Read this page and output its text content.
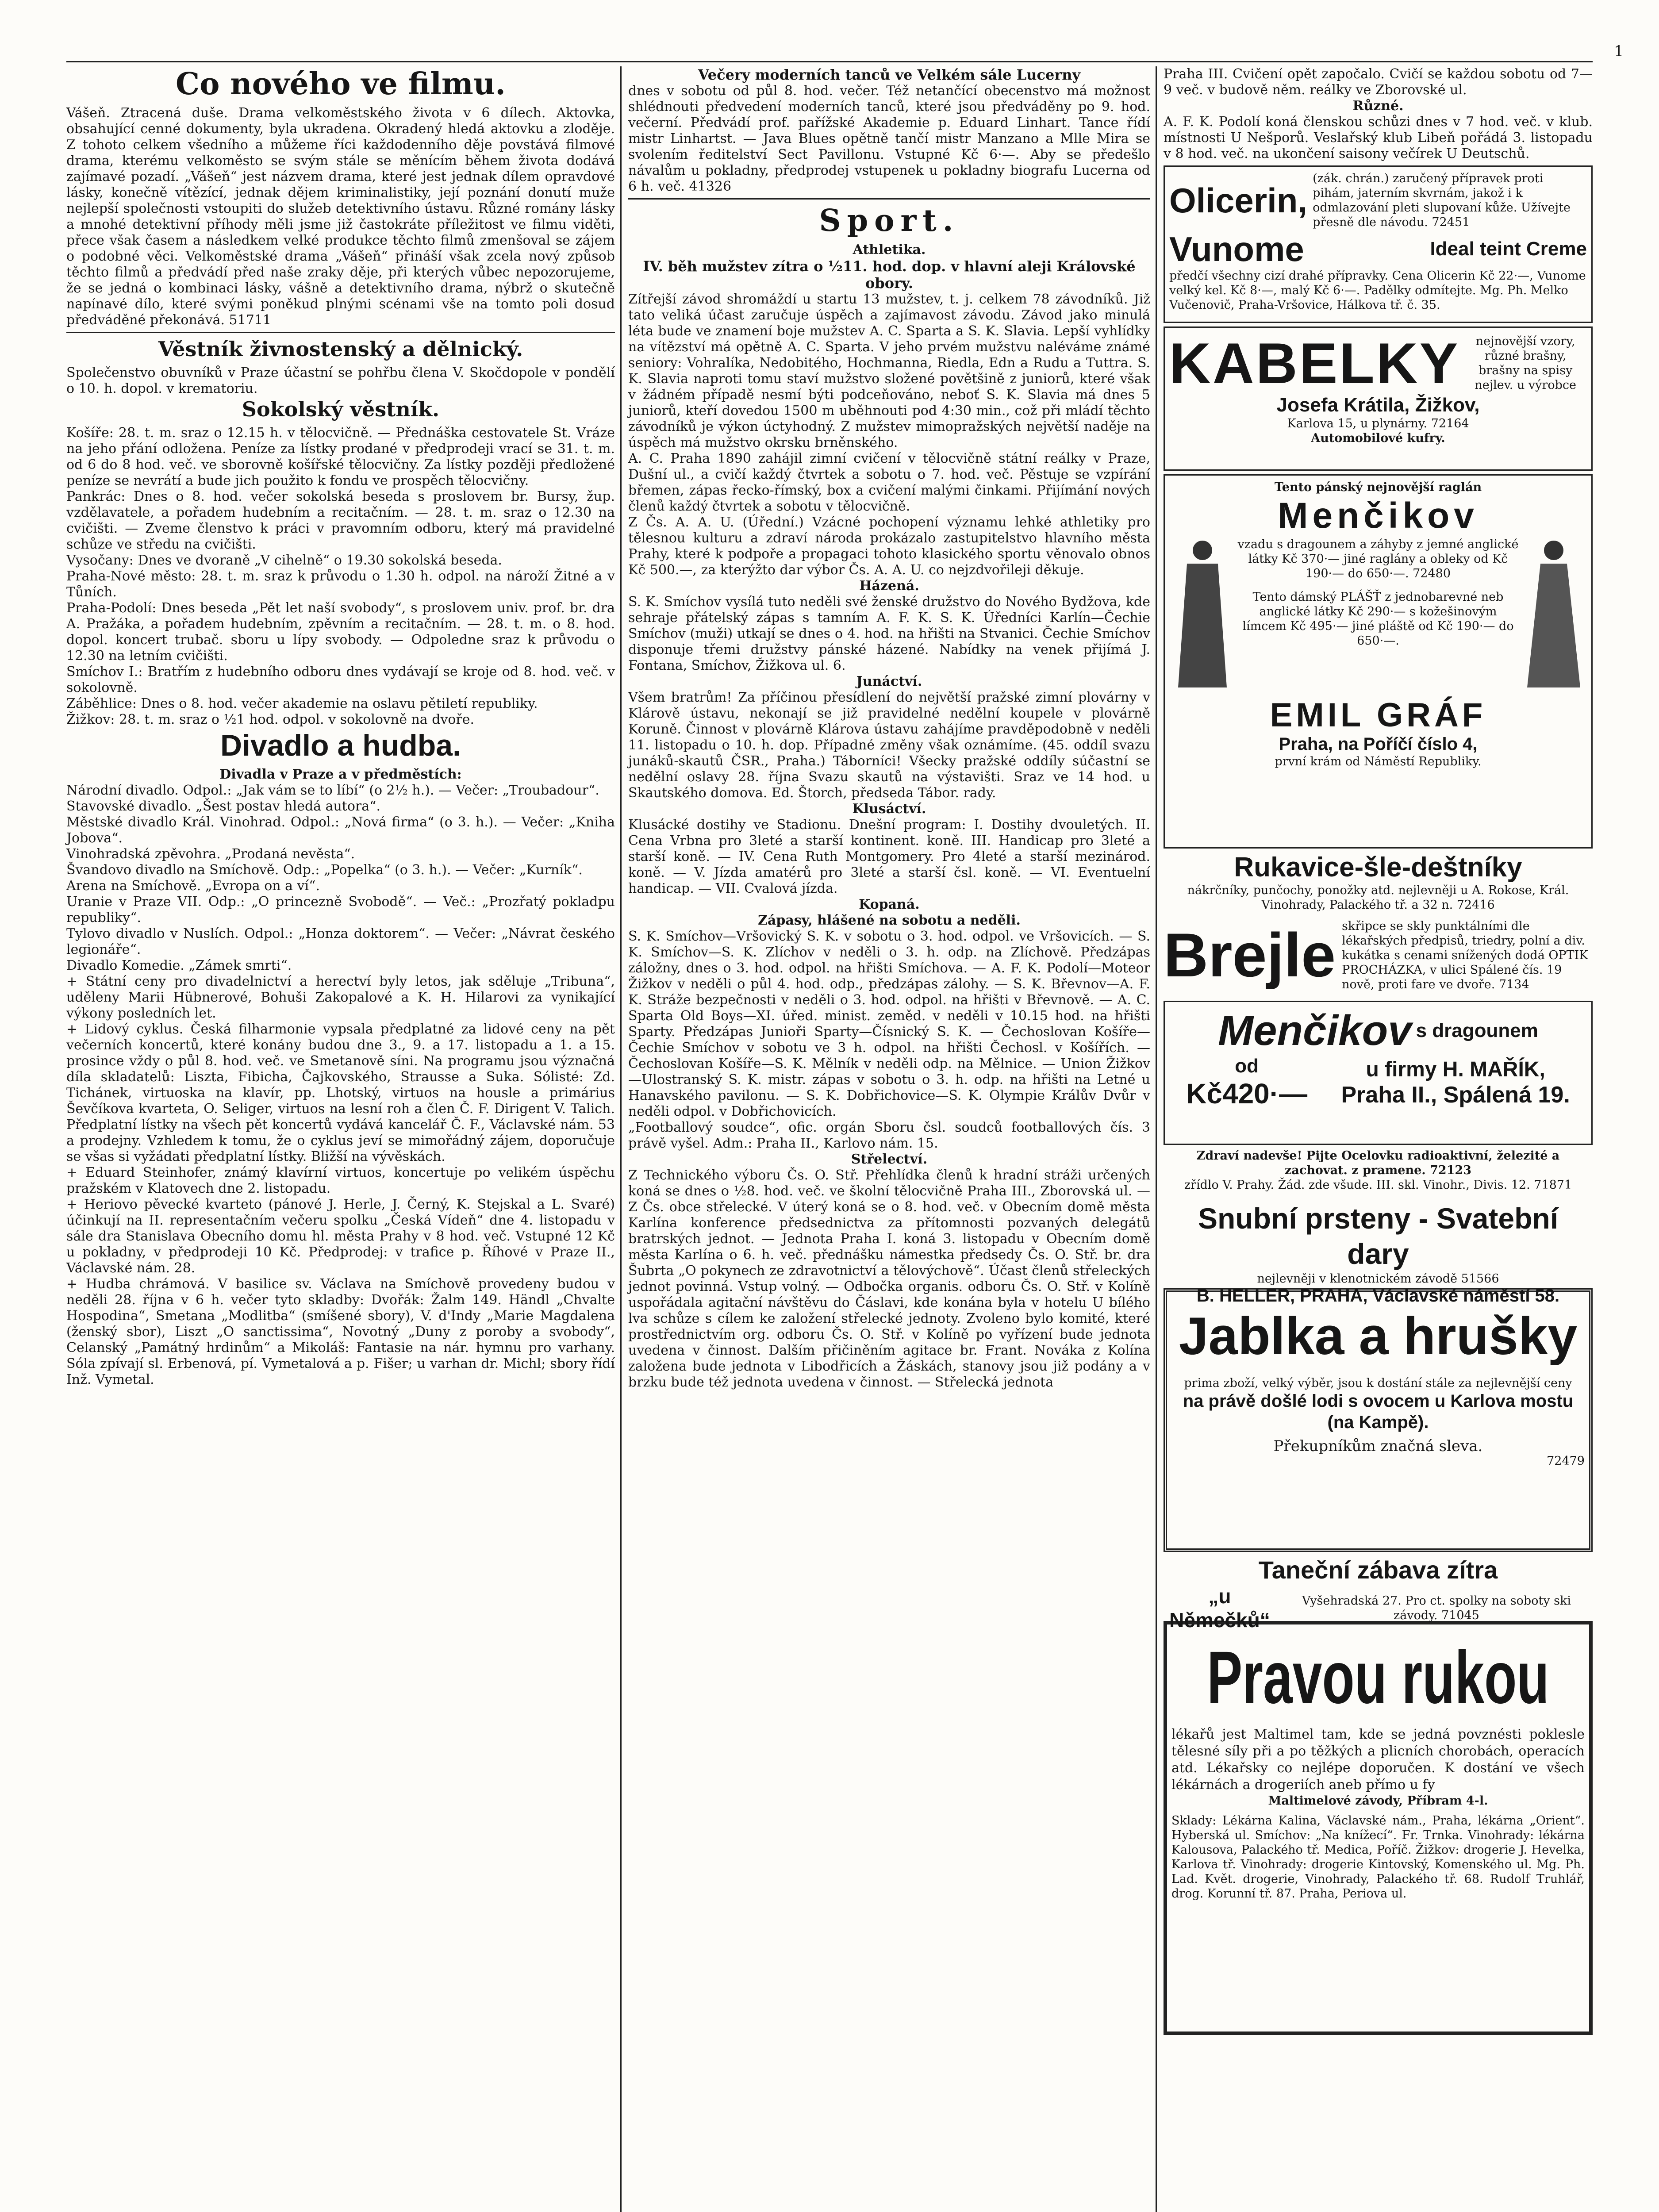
1
Co nového ve filmu.

Vášeň. Ztracená duše. Drama velkoměstského života v 6 dílech. Aktovka, obsahující cenné dokumenty, byla ukradena. Okradený hledá aktovku a zloděje. Z tohoto celkem všedního a můžeme říci každodenního děje povstává filmové drama, kterému velkoměsto se svým stále se měnícím během života dodává zajímavé pozadí. „Vášeň“ jest názvem drama, které jest jednak dílem opravdové lásky, konečně vítězící, jednak dějem kriminalistiky, její poznání donutí muže nejlepší společnosti vstoupiti do služeb detektivního ústavu. Různé romány lásky a mnohé detektivní příhody měli jsme již častokráte příležitost ve filmu viděti, přece však časem a následkem velké produkce těchto filmů zmenšoval se zájem o podobné věci. Velkoměstské drama „Vášeň“ přináší však zcela nový způsob těchto filmů a předvádí před naše zraky děje, při kterých vůbec nepozorujeme, že se jedná o kombinaci lásky, vášně a detektivního drama, nýbrž o skutečně napínavé dílo, které svými poněkud plnými scénami vše na tomto poli dosud předváděné překonává. 51711

Věstník živnostenský a dělnický.

Společenstvo obuvníků v Praze účastní se pohřbu člena V. Skočdopole v pondělí o 10. h. dopol. v krematoriu.

Sokolský věstník.

Košíře: 28. t. m. sraz o 12.15 h. v tělocvičně. — Přednáška cestovatele St. Vráze na jeho přání odložena. Peníze za lístky prodané v předprodeji vrací se 31. t. m. od 6 do 8 hod. več. ve sborovně košířské tělocvičny. Za lístky později předložené peníze se nevrátí a bude jich použito k fondu ve prospěch tělocvičny.

Pankrác: Dnes o 8. hod. večer sokolská beseda s proslovem br. Bursy, žup. vzdělavatele, a pořadem hudebním a recitačním. — 28. t. m. sraz o 12.30 na cvičišti. — Zveme členstvo k práci v pravomním odboru, který má pravidelné schůze ve středu na cvičišti.

Vysočany: Dnes ve dvoraně „V cihelně“ o 19.30 sokolská beseda.

Praha-Nové město: 28. t. m. sraz k průvodu o 1.30 h. odpol. na nároží Žitné a v Tůních.

Praha-Podolí: Dnes beseda „Pět let naší svobody“, s proslovem univ. prof. br. dra A. Pražáka, a pořadem hudebním, zpěvním a recitačním. — 28. t. m. o 8. hod. dopol. koncert trubač. sboru u lípy svobody. — Odpoledne sraz k průvodu o 12.30 na letním cvičišti.

Smíchov I.: Bratřím z hudebního odboru dnes vydávají se kroje od 8. hod. več. v sokolovně.

Záběhlice: Dnes o 8. hod. večer akademie na oslavu pětiletí republiky.

Žižkov: 28. t. m. sraz o ½1 hod. odpol. v sokolovně na dvoře.

Divadlo a hudba.

Divadla v Praze a v předměstích:

Národní divadlo. Odpol.: „Jak vám se to líbí“ (o 2½ h.). — Večer: „Troubadour“.

Stavovské divadlo. „Šest postav hledá autora“.

Městské divadlo Král. Vinohrad. Odpol.: „Nová firma“ (o 3. h.). — Večer: „Kniha Jobova“.

Vinohradská zpěvohra. „Prodaná nevěsta“.

Švandovo divadlo na Smíchově. Odp.: „Popelka“ (o 3. h.). — Večer: „Kurník“.

Arena na Smíchově. „Evropa on a ví“.

Uranie v Praze VII. Odp.: „O princezně Svobodě“. — Več.: „Prozřatý pokladpu republiky“.

Tylovo divadlo v Nuslích. Odpol.: „Honza doktorem“. — Večer: „Návrat českého legionáře“.

Divadlo Komedie. „Zámek smrti“.

+ Státní ceny pro divadelnictví a herectví byly letos, jak sděluje „Tribuna“, uděleny Marii Hübnerové, Bohuši Zakopalové a K. H. Hilarovi za vynikající výkony posledních let.

+ Lidový cyklus. Česká filharmonie vypsala předplatné za lidové ceny na pět večerních koncertů, které konány budou dne 3., 9. a 17. listopadu a 1. a 15. prosince vždy o půl 8. hod. več. ve Smetanově síni. Na programu jsou význačná díla skladatelů: Liszta, Fibicha, Čajkovského, Strausse a Suka. Sólisté: Zd. Tichánek, virtuoska na klavír, pp. Lhotský, virtuos na housle a primárius Ševčíkova kvarteta, O. Seliger, virtuos na lesní roh a člen Č. F. Dirigent V. Talich. Předplatní lístky na všech pět koncertů vydává kancelář Č. F., Václavské nám. 53 a prodejny. Vzhledem k tomu, že o cyklus jeví se mimořádný zájem, doporučuje se všas si vyžádati předplatní lístky. Bližší na vývěskách.

+ Eduard Steinhofer, známý klavírní virtuos, koncertuje po velikém úspěchu pražském v Klatovech dne 2. listopadu.

+ Heriovo pěvecké kvarteto (pánové J. Herle, J. Černý, K. Stejskal a L. Svaré) účinkují na II. representačním večeru spolku „Česká Vídeň“ dne 4. listopadu v sále dra Stanislava Obecního domu hl. města Prahy v 8 hod. več. Vstupné 12 Kč u pokladny, v předprodeji 10 Kč. Předprodej: v trafice p. Říhové v Praze II., Václavské nám. 28.

+ Hudba chrámová. V basilice sv. Václava na Smíchově provedeny budou v neděli 28. října v 6 h. večer tyto skladby: Dvořák: Žalm 149. Händl „Chvalte Hospodina“, Smetana „Modlitba“ (smíšené sbory), V. d'Indy „Marie Magdalena (ženský sbor), Liszt „O sanctissima“, Novotný „Duny z poroby a svobody“, Celanský „Památný hrdinům“ a Mikoláš: Fantasie na nár. hymnu pro varhany. Sóla zpívají sl. Erbenová, pí. Vymetalová a p. Fišer; u varhan dr. Michl; sbory řídí Inž. Vymetal.

Večery moderních tanců ve Velkém sále Lucerny

dnes v sobotu od půl 8. hod. večer. Též netančící obecenstvo má možnost shlédnouti předvedení moderních tanců, které jsou předváděny po 9. hod. večerní. Předvádí prof. pařížské Akademie p. Eduard Linhart. Tance řídí mistr Linhartst. — Java Blues opětně tančí mistr Manzano a Mlle Mira se svolením ředitelství Sect Pavillonu. Vstupné Kč 6·—. Aby se předešlo návalům u pokladny, předprodej vstupenek u pokladny biografu Lucerna od 6 h. več. 41326

Sport.

Athletika.

IV. běh mužstev zítra o ½11. hod. dop. v hlavní aleji Královské obory.

Zítřejší závod shromáždí u startu 13 mužstev, t. j. celkem 78 závodníků. Již tato veliká účast zaručuje úspěch a zajímavost závodu. Závod jako minulá léta bude ve znamení boje mužstev A. C. Sparta a S. K. Slavia. Lepší vyhlídky na vítězství má opětně A. C. Sparta. V jeho prvém mužstvu naléváme známé seniory: Vohralíka, Nedobitého, Hochmanna, Riedla, Edn a Rudu a Tuttra. S. K. Slavia naproti tomu staví mužstvo složené povětšině z juniorů, které však v žádném případě nesmí býti podceňováno, neboť S. K. Slavia má dnes 5 juniorů, kteří dovedou 1500 m uběhnouti pod 4:30 min., což při mládí těchto závodníků je výkon úctyhodný. Z mužstev mimopražských největší naděje na úspěch má mužstvo okrsku brněnského.

A. C. Praha 1890 zahájil zimní cvičení v tělocvičně státní reálky v Praze, Dušní ul., a cvičí každý čtvrtek a sobotu o 7. hod. več. Pěstuje se vzpírání břemen, zápas řecko-římský, box a cvičení malými činkami. Přijímání nových členů každý čtvrtek a sobotu v tělocvičně.

Z Čs. A. A. U. (Úřední.) Vzácné pochopení významu lehké athletiky pro tělesnou kulturu a zdraví národa prokázalo zastupitelstvo hlavního města Prahy, které k podpoře a propagaci tohoto klasického sportu věnovalo obnos Kč 500.—, za kterýžto dar výbor Čs. A. A. U. co nejzdvořileji děkuje.

Házená.

S. K. Smíchov vysílá tuto neděli své ženské družstvo do Nového Bydžova, kde sehraje přátelský zápas s tamním A. F. K. S. K. Úředníci Karlín—Čechie Smíchov (muži) utkají se dnes o 4. hod. na hřišti na Stvanici. Čechie Smíchov disponuje třemi družstvy pánské házené. Nabídky na venek přijímá J. Fontana, Smíchov, Žižkova ul. 6.

Junáctví.

Všem bratrům! Za příčinou přesídlení do největší pražské zimní plovárny v Klárově ústavu, nekonají se již pravidelné nedělní koupele v plovárně Koruně. Činnost v plovárně Klárova ústavu zahájíme pravděpodobně v neděli 11. listopadu o 10. h. dop. Případné změny však oznámíme. (45. oddíl svazu junáků-skautů ČSR., Praha.) Táborníci! Všecky pražské oddíly súčastní se nedělní oslavy 28. října Svazu skautů na výstavišti. Sraz ve 14 hod. u Skautského domova. Ed. Štorch, předseda Tábor. rady.

Klusáctví.

Klusácké dostihy ve Stadionu. Dnešní program: I. Dostihy dvouletých. II. Cena Vrbna pro 3leté a starší kontinent. koně. III. Handicap pro 3leté a starší koně. — IV. Cena Ruth Montgomery. Pro 4leté a starší mezinárod. koně. — V. Jízda amatérů pro 3leté a starší čsl. koně. — VI. Eventuelní handicap. — VII. Cvalová jízda.

Kopaná.

Zápasy, hlášené na sobotu a neděli.

S. K. Smíchov—Vršovický S. K. v sobotu o 3. hod. odpol. ve Vršovicích. — S. K. Smíchov—S. K. Zlíchov v neděli o 3. h. odp. na Zlíchově. Předzápas záložny, dnes o 3. hod. odpol. na hřišti Smíchova. — A. F. K. Podolí—Moteor Žižkov v neděli o půl 4. hod. odp., předzápas zálohy. — S. K. Břevnov—A. F. K. Stráže bezpečnosti v neděli o 3. hod. odpol. na hřišti v Břevnově. — A. C. Sparta Old Boys—XI. úřed. minist. zeměd. v neděli v 10.15 hod. na hřišti Sparty. Předzápas Junioři Sparty—Čísnický S. K. — Čechoslovan Košíře—Čechie Smíchov v sobotu ve 3 h. odpol. na hřišti Čechosl. v Košířích. — Čechoslovan Košíře—S. K. Mělník v neděli odp. na Mělnice. — Union Žižkov—Ulostranský S. K. mistr. zápas v sobotu o 3. h. odp. na hřišti na Letné u Hanavského pavilonu. — S. K. Dobřichovice—S. K. Olympie Králův Dvůr v neděli odpol. v Dobřichovicích.

„Footballový soudce“, ofic. orgán Sboru čsl. soudců footballových čís. 3 právě vyšel. Adm.: Praha II., Karlovo nám. 15.

Střelectví.

Z Technického výboru Čs. O. Stř. Přehlídka členů k hradní stráži určených koná se dnes o ½8. hod. več. ve školní tělocvičně Praha III., Zborovská ul. — Z Čs. obce střelecké. V úterý koná se o 8. hod. več. v Obecním domě města Karlína konference předsednictva za přítomnosti pozvaných delegátů bratrských jednot. — Jednota Praha I. koná 3. listopadu v Obecním domě města Karlína o 6. h. več. přednášku námestka předsedy Čs. O. Stř. br. dra Šubrta „O pokynech ze zdravotnictví a tělovýchově“. Účast členů střeleckých jednot povinná. Vstup volný. — Odbočka organis. odboru Čs. O. Stř. v Kolíně uspořádala agitační návštěvu do Čáslavi, kde konána byla v hotelu U bílého lva schůze s cílem ke založení střelecké jednoty. Zvoleno bylo komité, které prostřednictvím org. odboru Čs. O. Stř. v Kolíně po vyřízení bude jednota uvedena v činnost. Dalším přičiněním agitace br. Frant. Nováka z Kolína založena bude jednota v Libodřicích a Žáskách, stanovy jsou již podány a v brzku bude též jednota uvedena v činnost. — Střelecká jednota

Praha III. Cvičení opět započalo. Cvičí se každou sobotu od 7—9 več. v budově něm. reálky ve Zborovské ul.

Různé.

A. F. K. Podolí koná členskou schůzi dnes v 7 hod. več. v klub. místnosti U Nešporů. Veslařský klub Libeň pořádá 3. listopadu v 8 hod. več. na ukončení saisony večírek U Deutschů.

Olicerin,
(zák. chrán.) zaručený přípravek proti pihám, jaterním skvrnám, jakož i k odmlazování pleti slupovaní kůže. Užívejte přesně dle návodu. 72451
Vunome	Ideal teint Creme
předčí všechny cizí drahé přípravky. Cena Olicerin Kč 22·—, Vunome velký kel. Kč 8·—, malý Kč 6·—. Padělky odmítejte. Mg. Ph. Melko Vučenovič, Praha-Vršovice, Hálkova tř. č. 35.
KABELKY	nejnovější vzory, různé brašny, brašny na spisy nejlev. u výrobce
Josefa Krátila, Žižkov,
Karlova 15, u plynárny. 72164
Automobilové kufry.
Tento pánský nejnovější raglán
Menčikov
vzadu s dragounem a záhyby z jemné anglické látky Kč 370·— jiné raglány a obleky od Kč 190·— do 650·—. 72480
Tento dámský PLÁŠŤ z jednobarevné neb anglické látky Kč 290·— s kožešinovým límcem Kč 495·— jiné pláště od Kč 190·— do 650·—.
EMIL GRÁF
Praha, na Poříčí číslo 4,
první krám od Náměstí Republiky.
Rukavice-šle-deštníky
nákrčníky, punčochy, ponožky atd. nejlevněji u A. Rokose, Král. Vinohrady, Palackého tř. a 32 n. 72416
Brejle skřipce se skly punktálními dle lékařských předpisů, triedry, polní a div. kukátka s cenami snížených dodá OPTIK PROCHÁZKA, v ulici Spálené čís. 19 nově, proti fare ve dvoře. 7134
Menčikov s dragounem
od
Kč420·—
u firmy H. MAŘÍK,
Praha II., Spálená 19.
Zdraví nadevše! Pijte Ocelovku radioaktivní, železité a zachovat. z pramene. 72123
zřídlo V. Prahy. Žád. zde všude. III. skl. Vinohr., Divis. 12. 71871
Snubní prsteny - Svatební dary
nejlevněji v klenotnickém závodě 51566
B. HELLER, PRAHA, Václavské náměstí 58.
Jablka a hrušky
prima zboží, velký výběr, jsou k dostání stále za nejlevnější ceny
na právě došlé lodi s ovocem u Karlova mostu (na Kampě).
Překupníkům značná sleva.
72479
Taneční zábava zítra
„u Němečků“
Vyšehradská 27. Pro ct. spolky na soboty ski závody. 71045
Pravou rukou
lékařů jest Maltimel tam, kde se jedná povznésti poklesle tělesné síly při a po těžkých a plicních chorobách, operacích atd. Lékařsky co nejlépe doporučen. K dostání ve všech lékárnách a drogeriích aneb přímo u fy
Maltimelové závody, Příbram 4-l.
Sklady: Lékárna Kalina, Václavské nám., Praha, lékárna „Orient“. Hyberská ul. Smíchov: „Na knížecí“. Fr. Trnka. Vinohrady: lékárna Kalousova, Palackého tř. Medica, Poříč. Žižkov: drogerie J. Hevelka, Karlova tř. Vinohrady: drogerie Kintovský, Komenského ul. Mg. Ph. Lad. Květ. drogerie, Vinohrady, Palackého tř. 68. Rudolf Truhlář, drog. Korunní tř. 87. Praha, Periova ul.
